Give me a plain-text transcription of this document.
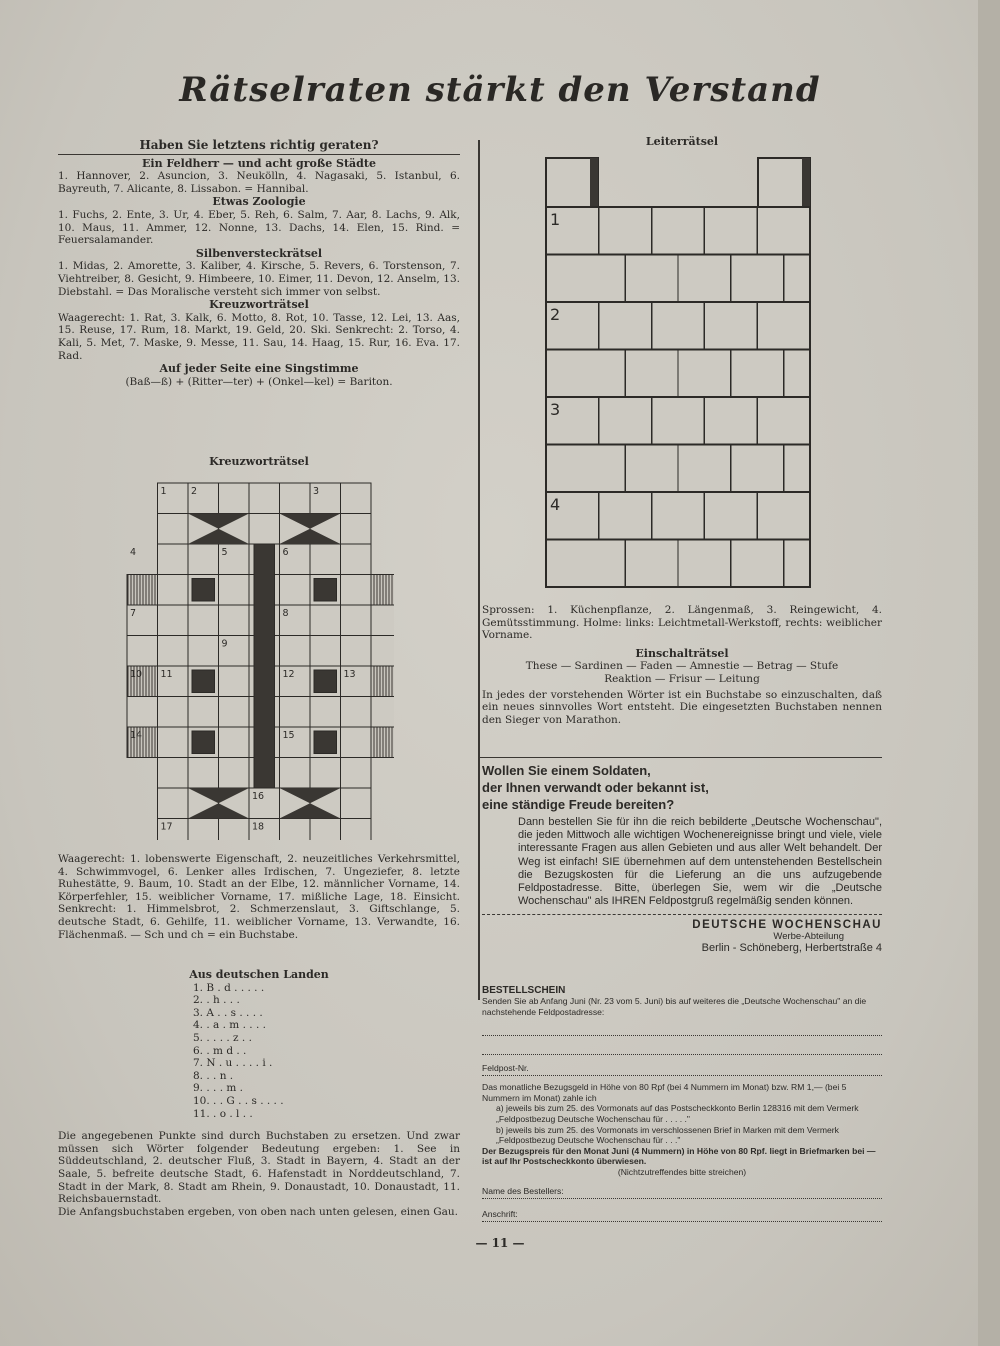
Rätselraten stärkt den Verstand
Haben Sie letztens richtig geraten?
Ein Feldherr — und acht große Städte

1. Hannover, 2. Asuncion, 3. Neukölln, 4. Nagasaki, 5. Istanbul, 6. Bayreuth, 7. Alicante, 8. Lissabon. = Hannibal.

Etwas Zoologie

1. Fuchs, 2. Ente, 3. Ur, 4. Eber, 5. Reh, 6. Salm, 7. Aar, 8. Lachs, 9. Alk, 10. Maus, 11. Ammer, 12. Nonne, 13. Dachs, 14. Elen, 15. Rind. = Feuersalamander.

Silbenversteckrätsel

1. Midas, 2. Amorette, 3. Kaliber, 4. Kirsche, 5. Revers, 6. Torstenson, 7. Viehtreiber, 8. Gesicht, 9. Himbeere, 10. Eimer, 11. Devon, 12. Anselm, 13. Diebstahl. = Das Moralische versteht sich immer von selbst.

Kreuzworträtsel

Waagerecht: 1. Rat, 3. Kalk, 6. Motto, 8. Rot, 10. Tasse, 12. Lei, 13. Aas, 15. Reuse, 17. Rum, 18. Markt, 19. Geld, 20. Ski. Senkrecht: 2. Torso, 4. Kali, 5. Met, 7. Maske, 9. Messe, 11. Sau, 14. Haag, 15. Rur, 16. Eva. 17. Rad.

Auf jeder Seite eine Singstimme
(Baß—ß) + (Ritter—ter) + (Onkel—kel) = Bariton.
Kreuzworträtsel
1	2	3
4	5	6
7	8
9
10 11	12	13
14	15
16
17	18

Waagerecht: 1. lobenswerte Eigenschaft, 2. neuzeitliches Verkehrsmittel, 4. Schwimmvogel, 6. Lenker alles Irdischen, 7. Ungeziefer, 8. letzte Ruhestätte, 9. Baum, 10. Stadt an der Elbe, 12. männlicher Vorname, 14. Körperfehler, 15. weiblicher Vorname, 17. mißliche Lage, 18. Einsicht. Senkrecht: 1. Himmelsbrot, 2. Schmerzenslaut, 3. Giftschlange, 5. deutsche Stadt, 6. Gehilfe, 11. weiblicher Vorname, 13. Verwandte, 16. Flächenmaß. — Sch und ch = ein Buchstabe.

Aus deutschen Landen
1. B . d . . . . .
2. . h . . .
3. A . . s . . . .
4. . a . m . . . .
5. . . . . z . .
6. . m d . .
7. N . u . . . . i .
8. . . n .
9. . . . m .
10. . . G . . s . . . .
11. . o . l . .

Die angegebenen Punkte sind durch Buchstaben zu ersetzen. Und zwar müssen sich Wörter folgender Bedeutung ergeben: 1. See in Süddeutschland, 2. deutscher Fluß, 3. Stadt in Bayern, 4. Stadt an der Saale, 5. befreite deutsche Stadt, 6. Hafenstadt in Norddeutschland, 7. Stadt in der Mark, 8. Stadt am Rhein, 9. Donaustadt, 10. Donaustadt, 11. Reichsbauernstadt.

Die Anfangsbuchstaben ergeben, von oben nach unten gelesen, einen Gau.

Leiterrätsel
1
2
3
4

Sprossen: 1. Küchenpflanze, 2. Längenmaß, 3. Reingewicht, 4. Gemütsstimmung. Holme: links: Leichtmetall-Werkstoff, rechts: weiblicher Vorname.

Einschalträtsel
These — Sardinen — Faden — Amnestie — Betrag — Stufe
Reaktion — Frisur — Leitung

In jedes der vorstehenden Wörter ist ein Buchstabe so einzuschalten, daß ein neues sinnvolles Wort entsteht. Die eingesetzten Buchstaben nennen den Sieger von Marathon.

Wollen Sie einem Soldaten,
der Ihnen verwandt oder bekannt ist,
eine ständige Freude bereiten?

Dann bestellen Sie für ihn die reich bebilderte „Deutsche Wochenschau", die jeden Mittwoch alle wichtigen Wochenereignisse bringt und viele, viele interessante Fragen aus allen Gebieten und aus aller Welt behandelt. Der Weg ist einfach! SIE übernehmen auf dem untenstehenden Bestellschein die Bezugskosten für die Lieferung an die uns aufzugebende Feldpostadresse. Bitte, überlegen Sie, wem wir die „Deutsche Wochenschau" als IHREN Feldpostgruß regelmäßig senden können.

DEUTSCHE WOCHENSCHAU
Werbe-Abteilung
Berlin - Schöneberg, Herbertstraße 4
BESTELLSCHEIN
Senden Sie ab Anfang Juni (Nr. 23 vom 5. Juni) bis auf weiteres die „Deutsche Wochenschau" an die nachstehende Feldpostadresse:
Feldpost-Nr.
Das monatliche Bezugsgeld in Höhe von 80 Rpf (bei 4 Nummern im Monat) bzw. RM 1,— (bei 5 Nummern im Monat) zahle ich
a) jeweils bis zum 25. des Vormonats auf das Postscheckkonto Berlin 128316 mit dem Vermerk „Feldpostbezug Deutsche Wochenschau für . . . . ."
b) jeweils bis zum 25. des Vormonats im verschlossenen Brief in Marken mit dem Vermerk „Feldpostbezug Deutsche Wochenschau für . . ."
Der Bezugspreis für den Monat Juni (4 Nummern) in Höhe von 80 Rpf. liegt in Briefmarken bei — ist auf Ihr Postscheckkonto überwiesen.
(Nichtzutreffendes bitte streichen)
Name des Bestellers:
Anschrift:
— 11 —
